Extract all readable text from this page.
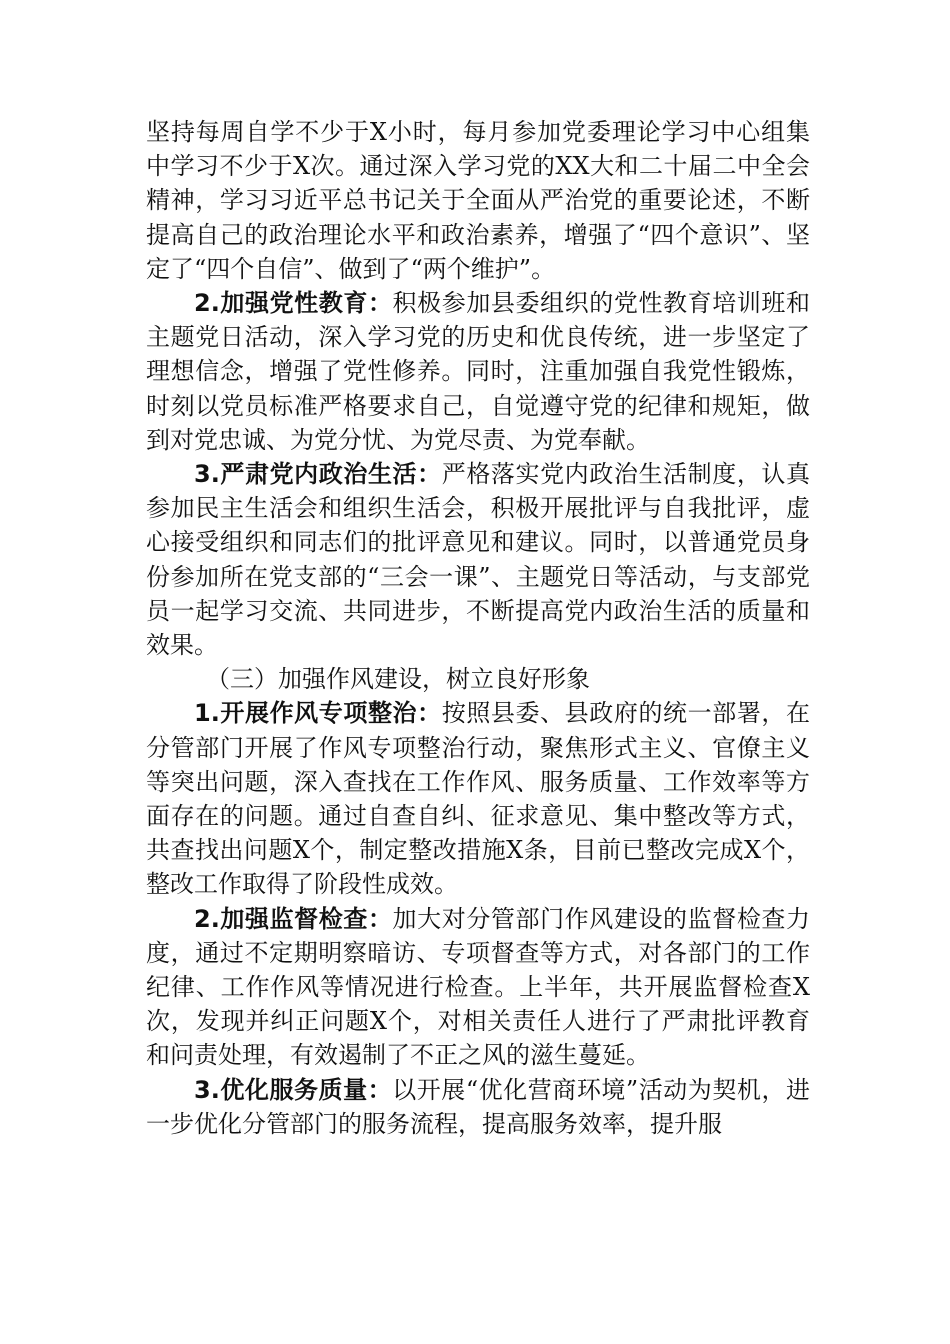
坚持每周自学不少于X小时，每月参加党委理论学习中心组集中学习不少于X次。通过深入学习党的XX大和二十届二中全会精神，学习习近平总书记关于全面从严治党的重要论述，不断提高自己的政治理论水平和政治素养，增强了“四个意识”、坚定了“四个自信”、做到了“两个维护”。

2.加强党性教育：积极参加县委组织的党性教育培训班和主题党日活动，深入学习党的历史和优良传统，进一步坚定了理想信念，增强了党性修养。同时，注重加强自我党性锻炼，时刻以党员标准严格要求自己，自觉遵守党的纪律和规矩，做到对党忠诚、为党分忧、为党尽责、为党奉献。

3.严肃党内政治生活：严格落实党内政治生活制度，认真参加民主生活会和组织生活会，积极开展批评与自我批评，虚心接受组织和同志们的批评意见和建议。同时，以普通党员身份参加所在党支部的“三会一课”、主题党日等活动，与支部党员一起学习交流、共同进步，不断提高党内政治生活的质量和效果。

（三）加强作风建设，树立良好形象

1.开展作风专项整治：按照县委、县政府的统一部署，在分管部门开展了作风专项整治行动，聚焦形式主义、官僚主义等突出问题，深入查找在工作作风、服务质量、工作效率等方面存在的问题。通过自查自纠、征求意见、集中整改等方式，共查找出问题X个，制定整改措施X条，目前已整改完成X个，整改工作取得了阶段性成效。

2.加强监督检查：加大对分管部门作风建设的监督检查力度，通过不定期明察暗访、专项督查等方式，对各部门的工作纪律、工作作风等情况进行检查。上半年，共开展监督检查X次，发现并纠正问题X个，对相关责任人进行了严肃批评教育和问责处理，有效遏制了不正之风的滋生蔓延。

3.优化服务质量：以开展“优化营商环境”活动为契机，进一步优化分管部门的服务流程，提高服务效率，提升服
